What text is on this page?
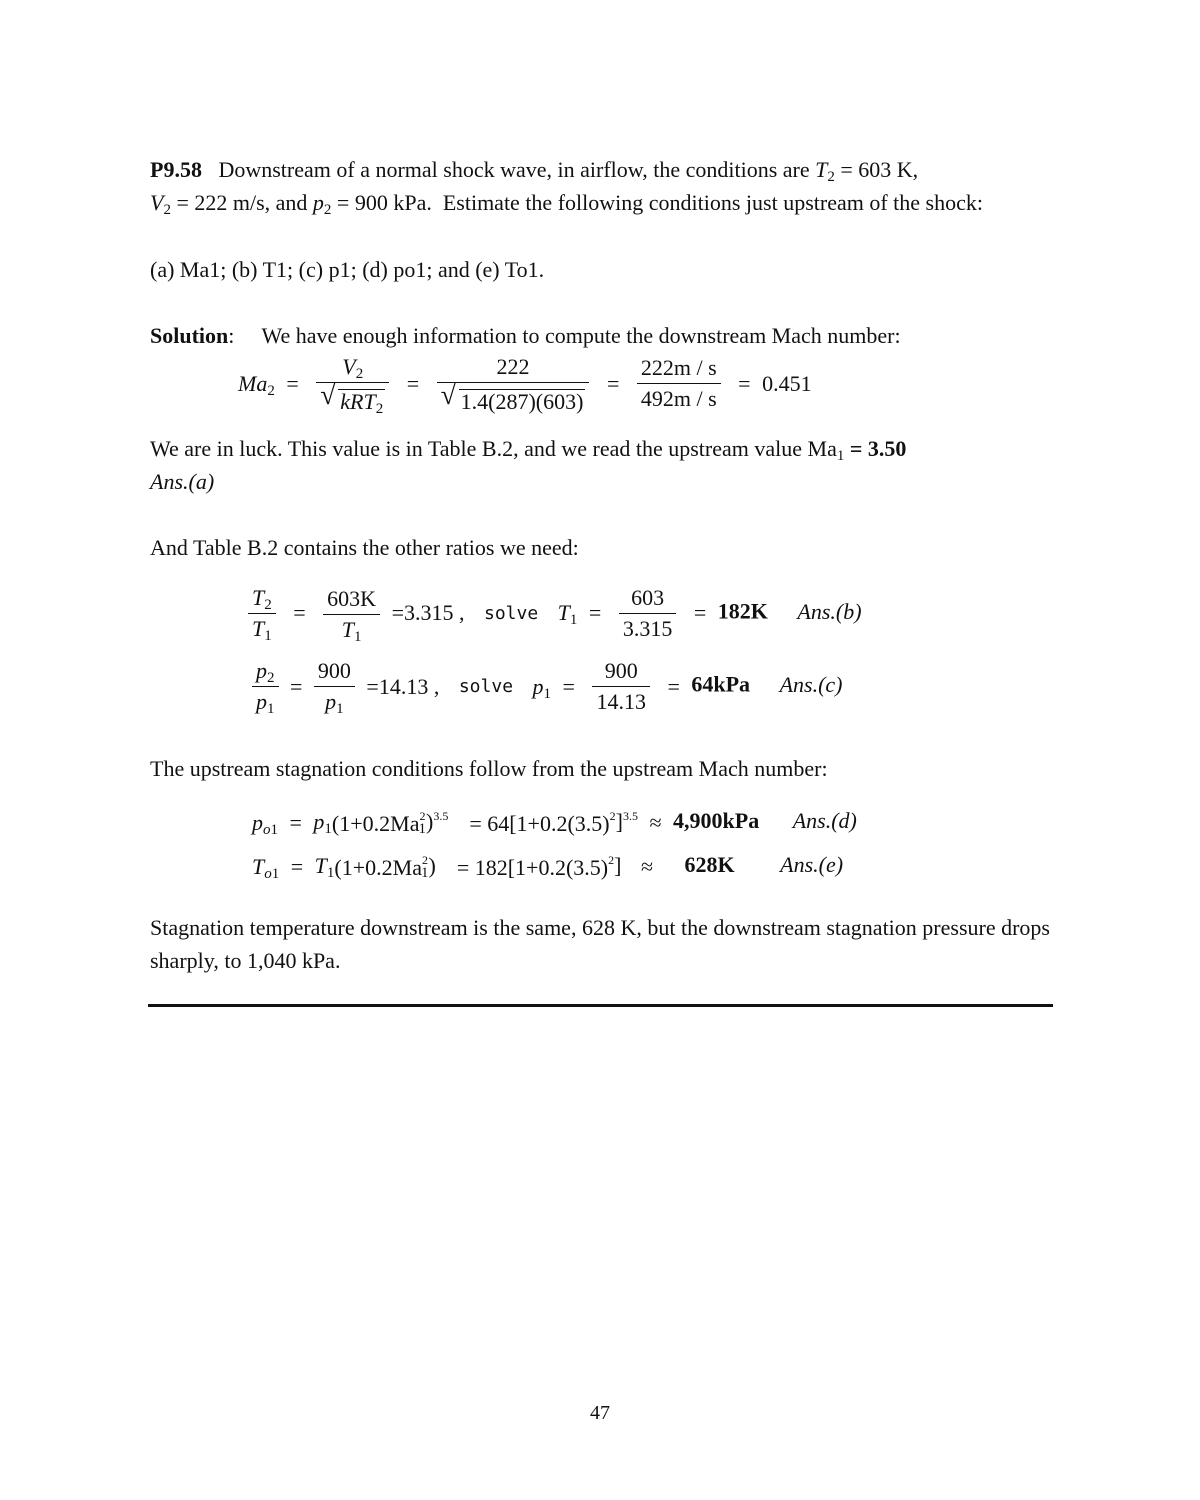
P9.58 Downstream of a normal shock wave, in airflow, the conditions are $T_2 = 603$ K,
$V_2 = 222$ m/s, and $p_2 = 900$ kPa. Estimate the following conditions just upstream of the shock:
(a) Ma1; (b) T1; (c) p1; (d) po1; and (e) To1.
Solution:     We have enough information to compute the downstream Mach number:
$Ma_2 = \frac{V_2}{√ kRT_2} = \frac{222}{√ 1.4(287)(603)} = \frac{222m / s}{492m / s} = 0.451$
We are in luck. This value is in Table B.2, and we read the upstream value $Ma_1 = 3.50$
Ans.(a)
And Table B.2 contains the other ratios we need:
$\frac{T_2}{T_1} = \frac{603K}{T_1} =3.315$ , solve $T_1 = \frac{603}{3.315} = 182K$ Ans.(b)
$\frac{p_2}{p_1} = \frac{900}{p_1} =14.13$ , solve $p_1 = \frac{900}{14.13} = 64kPa$ Ans.(c)
The upstream stagnation conditions follow from the upstream Mach number:
$p_{o1} = p_1(1+0.2Ma^2_1)^{3.5} = 64[1+0.2(3.5)^2]^{3.5} \approx 4,900kPa$ Ans.(d)
$T_{o1} = T_1(1+0.2Ma^2_1) = 182[1+0.2(3.5)^2] \approx 628K$ Ans.(e)
Stagnation temperature downstream is the same, 628 K, but the downstream stagnation pressure drops sharply, to 1,040 kPa.
47
